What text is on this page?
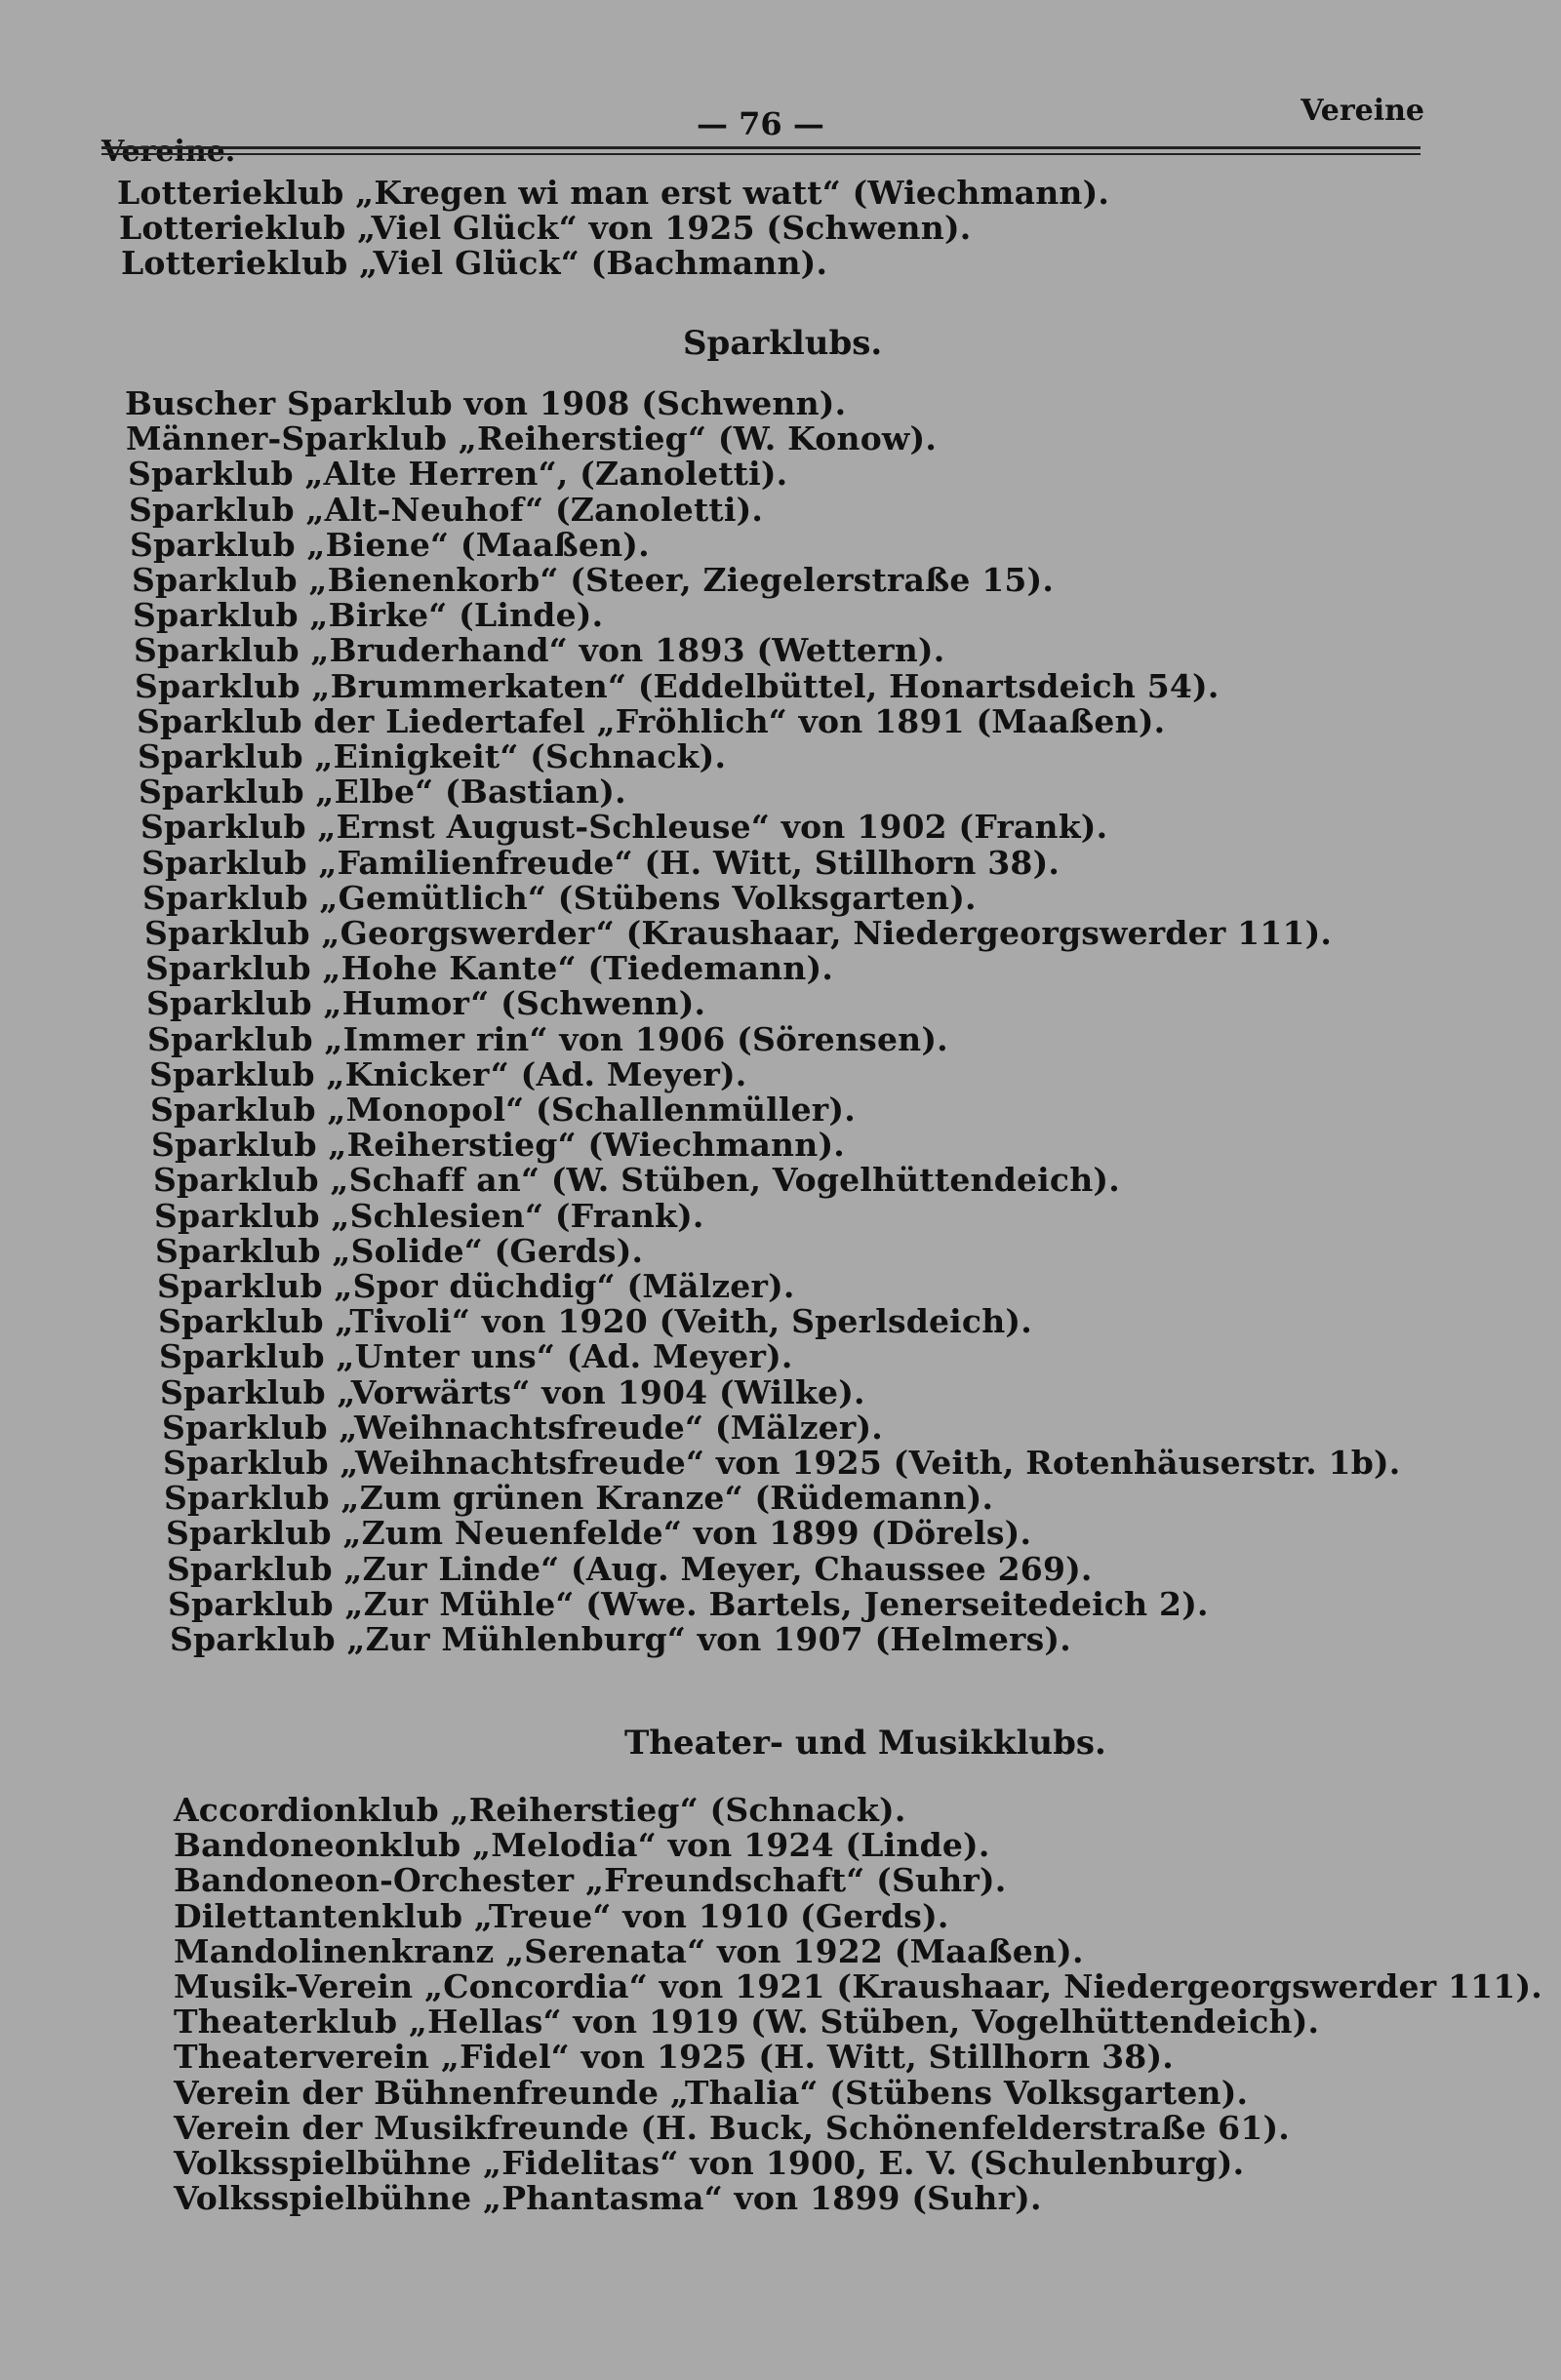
Vereine.
— 76 —	Vereine
Lotterieklub „Kregen wi man erst watt“ (Wiechmann).
Lotterieklub „Viel Glück“ von 1925 (Schwenn).
Lotterieklub „Viel Glück“ (Bachmann).
Sparklubs.
Buscher Sparklub von 1908 (Schwenn).
Männer-Sparklub „Reiherstieg“ (W. Konow).
Sparklub „Alte Herren“, (Zanoletti).
Sparklub „Alt-Neuhof“ (Zanoletti).
Sparklub „Biene“ (Maaßen).
Sparklub „Bienenkorb“ (Steer, Ziegelerstraße 15).
Sparklub „Birke“ (Linde).
Sparklub „Bruderhand“ von 1893 (Wettern).
Sparklub „Brummerkaten“ (Eddelbüttel, Honartsdeich 54).
Sparklub der Liedertafel „Fröhlich“ von 1891 (Maaßen).
Sparklub „Einigkeit“ (Schnack).
Sparklub „Elbe“ (Bastian).
Sparklub „Ernst August-Schleuse“ von 1902 (Frank).
Sparklub „Familienfreude“ (H. Witt, Stillhorn 38).
Sparklub „Gemütlich“ (Stübens Volksgarten).
Sparklub „Georgswerder“ (Kraushaar, Niedergeorgswerder 111).
Sparklub „Hohe Kante“ (Tiedemann).
Sparklub „Humor“ (Schwenn).
Sparklub „Immer rin“ von 1906 (Sörensen).
Sparklub „Knicker“ (Ad. Meyer).
Sparklub „Monopol“ (Schallenmüller).
Sparklub „Reiherstieg“ (Wiechmann).
Sparklub „Schaff an“ (W. Stüben, Vogelhüttendeich).
Sparklub „Schlesien“ (Frank).
Sparklub „Solide“ (Gerds).
Sparklub „Spor düchdig“ (Mälzer).
Sparklub „Tivoli“ von 1920 (Veith, Sperlsdeich).
Sparklub „Unter uns“ (Ad. Meyer).
Sparklub „Vorwärts“ von 1904 (Wilke).
Sparklub „Weihnachtsfreude“ (Mälzer).
Sparklub „Weihnachtsfreude“ von 1925 (Veith, Rotenhäuserstr. 1b).
Sparklub „Zum grünen Kranze“ (Rüdemann).
Sparklub „Zum Neuenfelde“ von 1899 (Dörels).
Sparklub „Zur Linde“ (Aug. Meyer, Chaussee 269).
Sparklub „Zur Mühle“ (Wwe. Bartels, Jenerseitedeich 2).
Sparklub „Zur Mühlenburg“ von 1907 (Helmers).
Theater- und Musikklubs.
Accordionklub „Reiherstieg“ (Schnack).
Bandoneonklub „Melodia“ von 1924 (Linde).
Bandoneon-Orchester „Freundschaft“ (Suhr).
Dilettantenklub „Treue“ von 1910 (Gerds).
Mandolinenkranz „Serenata“ von 1922 (Maaßen).
Musik-Verein „Concordia“ von 1921 (Kraushaar, Niedergeorgswerder 111).
Theaterklub „Hellas“ von 1919 (W. Stüben, Vogelhüttendeich).
Theaterverein „Fidel“ von 1925 (H. Witt, Stillhorn 38).
Verein der Bühnenfreunde „Thalia“ (Stübens Volksgarten).
Verein der Musikfreunde (H. Buck, Schönenfelderstraße 61).
Volksspielbühne „Fidelitas“ von 1900, E. V. (Schulenburg).
Volksspielbühne „Phantasma“ von 1899 (Suhr).
